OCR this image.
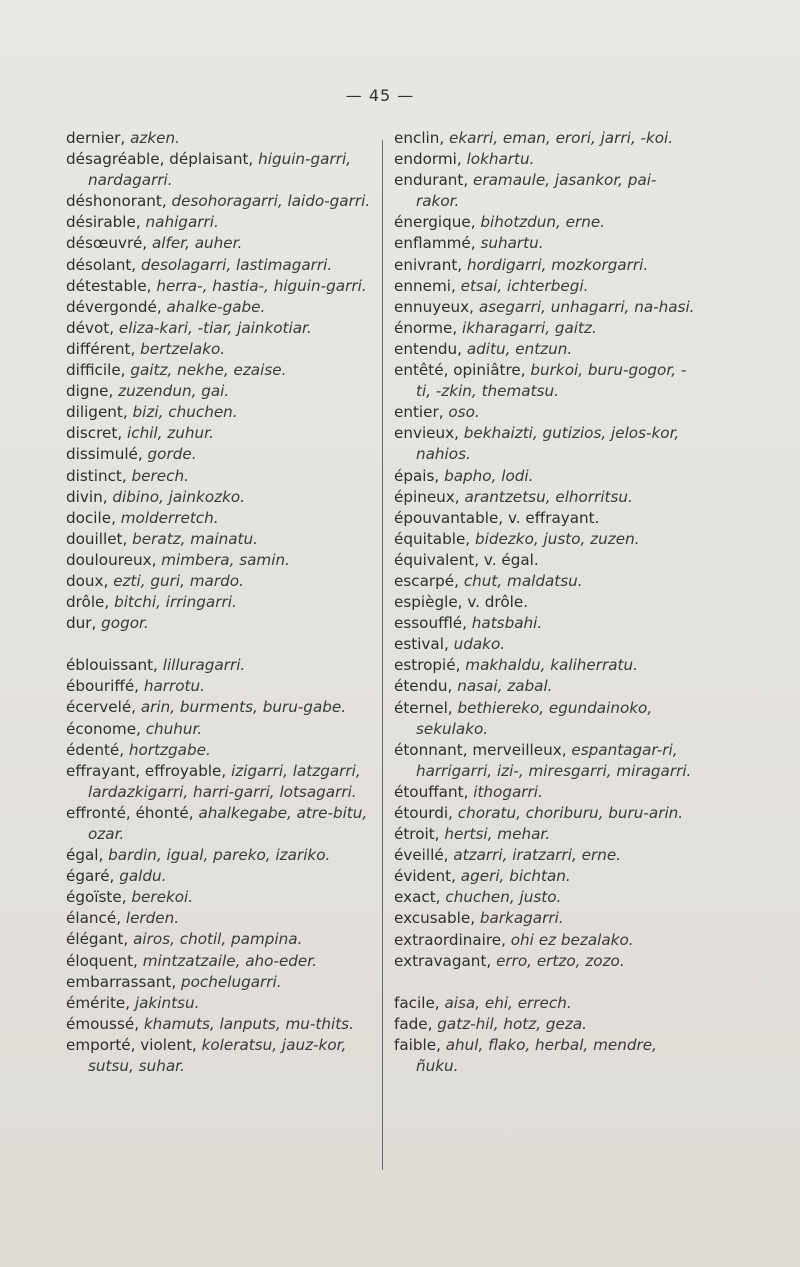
— 45 —

dernier, azken.

désagréable, déplaisant, higuin-garri, nardagarri.

déshonorant, desohoragarri, laido-garri.

désirable, nahigarri.

désœuvré, alfer, auher.

désolant, desolagarri, lastimagarri.

détestable, herra-, hastia-, higuin-garri.

dévergondé, ahalke-gabe.

dévot, eliza-kari, -tiar, jainkotiar.

différent, bertzelako.

difficile, gaitz, nekhe, ezaise.

digne, zuzendun, gai.

diligent, bizi, chuchen.

discret, ichil, zuhur.

dissimulé, gorde.

distinct, berech.

divin, dibino, jainkozko.

docile, molderretch.

douillet, beratz, mainatu.

douloureux, mimbera, samin.

doux, ezti, guri, mardo.

drôle, bitchi, irringarri.

dur, gogor.

éblouissant, lilluragarri.

ébouriffé, harrotu.

écervelé, arin, burments, buru-gabe.

économe, chuhur.

édenté, hortzgabe.

effrayant, effroyable, izigarri, latzgarri, lardazkigarri, harri-garri, lotsagarri.

effronté, éhonté, ahalkegabe, atre-bitu, ozar.

égal, bardin, igual, pareko, izariko.

égaré, galdu.

égoïste, berekoi.

élancé, lerden.

élégant, airos, chotil, pampina.

éloquent, mintzatzaile, aho-eder.

embarrassant, pochelugarri.

émérite, jakintsu.

émoussé, khamuts, lanputs, mu-thits.

emporté, violent, koleratsu, jauz-kor, sutsu, suhar.

enclin, ekarri, eman, erori, jarri, -koi.

endormi, lokhartu.

endurant, eramaule, jasankor, pai-rakor.

énergique, bihotzdun, erne.

enflammé, suhartu.

enivrant, hordigarri, mozkorgarri.

ennemi, etsai, ichterbegi.

ennuyeux, asegarri, unhagarri, na-hasi.

énorme, ikharagarri, gaitz.

entendu, aditu, entzun.

entêté, opiniâtre, burkoi, buru-gogor, -ti, -zkin, thematsu.

entier, oso.

envieux, bekhaizti, gutizios, jelos-kor, nahios.

épais, bapho, lodi.

épineux, arantzetsu, elhorritsu.

épouvantable, v. effrayant.

équitable, bidezko, justo, zuzen.

équivalent, v. égal.

escarpé, chut, maldatsu.

espiègle, v. drôle.

essoufflé, hatsbahi.

estival, udako.

estropié, makhaldu, kaliherratu.

étendu, nasai, zabal.

éternel, bethiereko, egundainoko, sekulako.

étonnant, merveilleux, espantagar-ri, harrigarri, izi-, miresgarri, miragarri.

étouffant, ithogarri.

étourdi, choratu, choriburu, buru-arin.

étroit, hertsi, mehar.

éveillé, atzarri, iratzarri, erne.

évident, ageri, bichtan.

exact, chuchen, justo.

excusable, barkagarri.

extraordinaire, ohi ez bezalako.

extravagant, erro, ertzo, zozo.

facile, aisa, ehi, errech.

fade, gatz-hil, hotz, geza.

faible, ahul, flako, herbal, mendre, ñuku.
